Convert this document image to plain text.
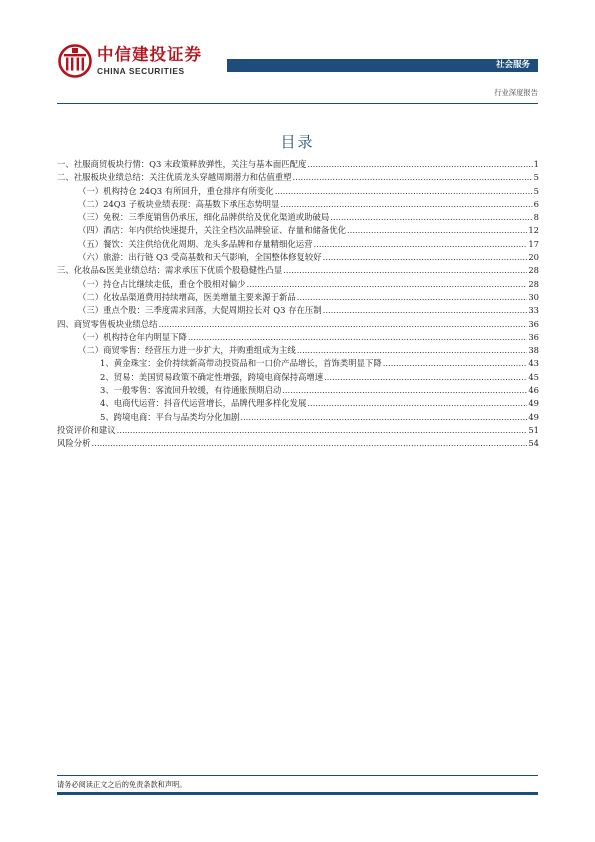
中信建投证券
CHINA SECURITIES
社会服务
行业深度报告
目录
一、社服商贸板块行情：Q3 末政策释放弹性，关注与基本面匹配度 .....	1
二、社服板块业绩总结：关注优质龙头穿越周期潜力和估值重塑 .....	5
（一）机构持仓 24Q3 有所回升，重仓排序有所变化 .....	5
（二）24Q3 子板块业绩表现：高基数下承压态势明显 .....	6
（三）免税：三季度销售仍承压，细化品牌供给及优化渠道或助破局 .....	8
（四）酒店：年内供给快速提升，关注全档次品牌验证、存量和储备优化 .....	12
（五）餐饮：关注供给优化周期、龙头多品牌和存量精细化运营 .....	17
（六）旅游：出行链 Q3 受高基数和天气影响，全国整体修复较好 .....	20
三、化妆品&医美业绩总结：需求承压下优质个股稳健性凸显 .....	28
（一）持仓占比继续走低，重仓个股相对偏少 .....	28
（二）化妆品渠道费用持续增高，医美增量主要来源于新品 .....	30
（三）重点个股：三季度需求回落，大促周期拉长对 Q3 存在压制 .....	33
四、商贸零售板块业绩总结 .....	36
（一）机构持仓年内明显下降 .....	36
（二）商贸零售：经营压力进一步扩大，并购重组成为主线 .....	38
1、黄金珠宝：金价持续新高带动投资品和一口价产品增长，首饰类明显下降 .....	43
2、贸易：美国贸易政策不确定性增强，跨境电商保持高增速 .....	45
3、一般零售：客流回升较缓，有待通胀预期启动 .....	46
4、电商代运营：抖音代运营增长，品牌代理多样化发展 .....	49
5、跨境电商：平台与品类均分化加剧 .....	49
投资评价和建议 .....	51
风险分析 .....	54
请务必阅读正文之后的免责条款和声明。
